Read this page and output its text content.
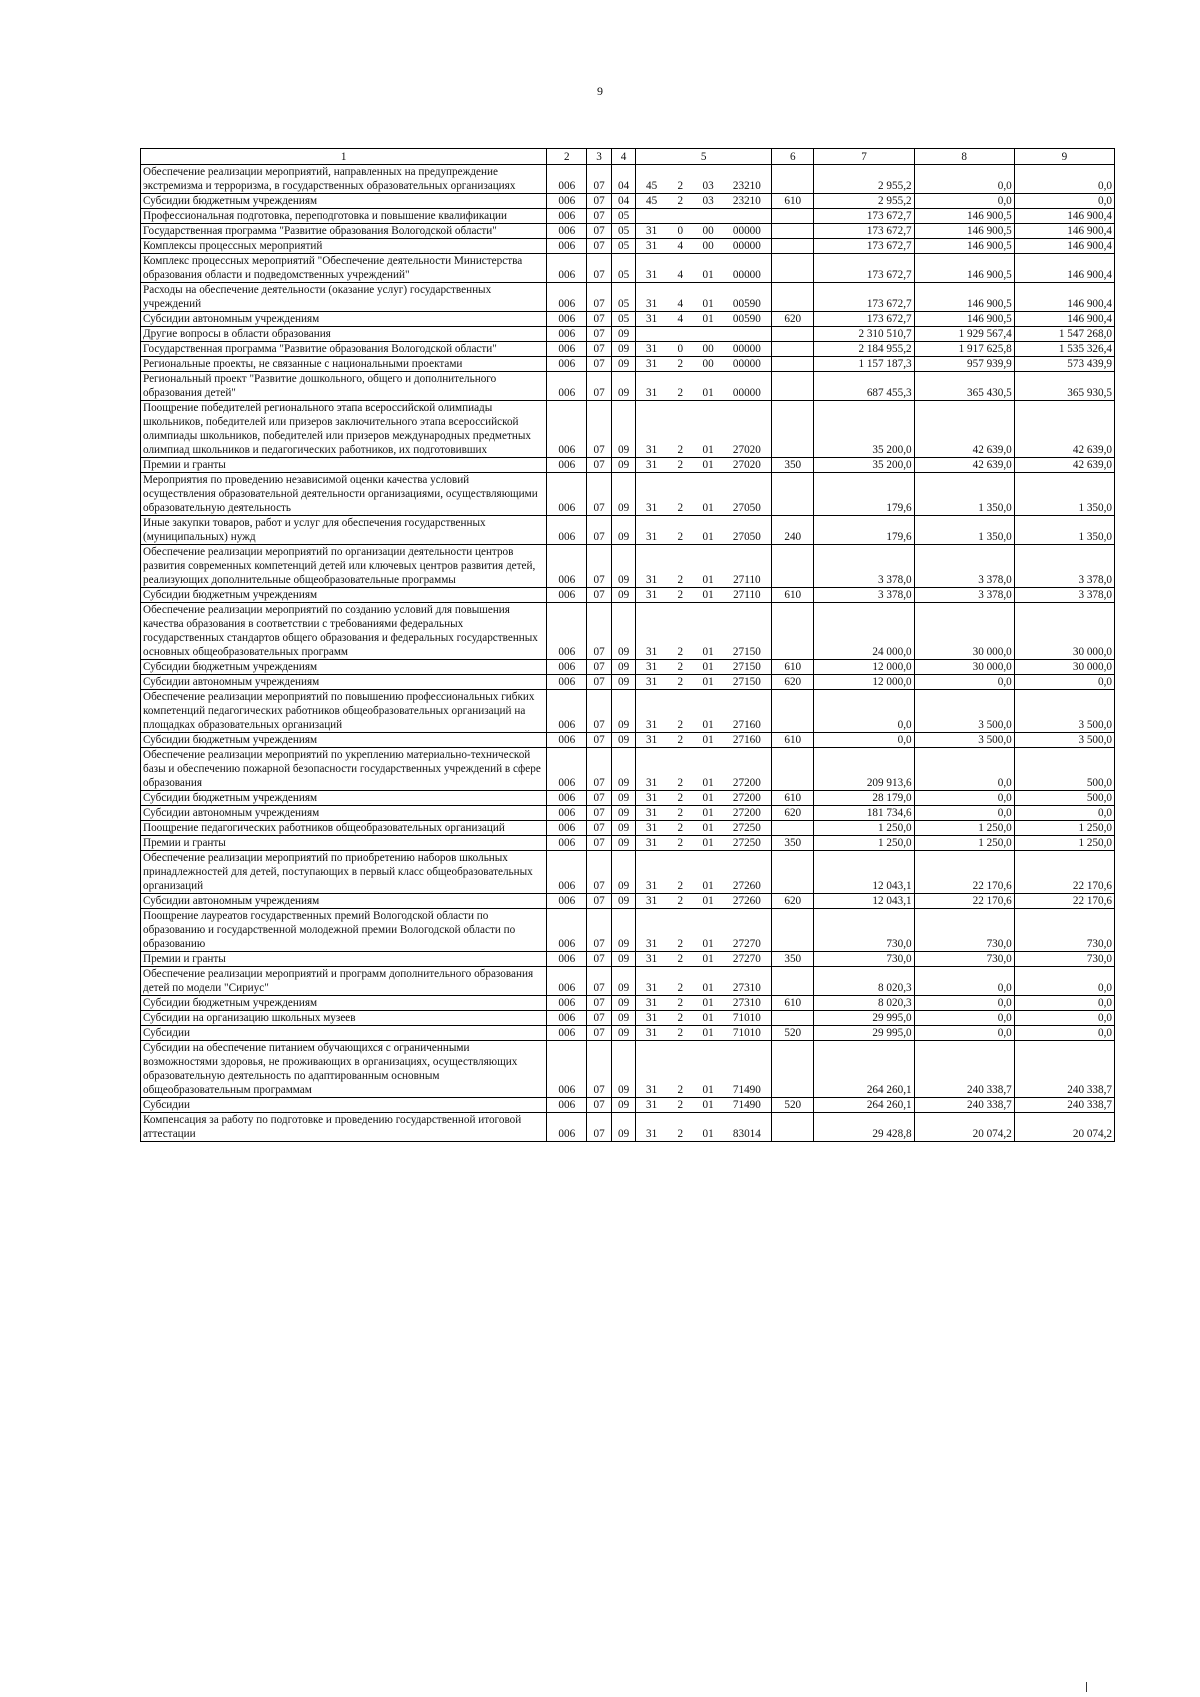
9
1	2	3	4	5				6	7	8	9
Обеспечение реализации мероприятий, направленных на предупреждение экстремизма и терроризма, в государственных образовательных организациях	006	07	04	45	2	03	23210		2 955,2	0,0	0,0
Субсидии бюджетным учреждениям	006	07	04	45	2	03	23210	610	2 955,2	0,0	0,0
Профессиональная подготовка, переподготовка и повышение квалификации	006	07	05						173 672,7	146 900,5	146 900,4
Государственная программа "Развитие образования Вологодской области"	006	07	05	31	0	00	00000		173 672,7	146 900,5	146 900,4
Комплексы процессных мероприятий	006	07	05	31	4	00	00000		173 672,7	146 900,5	146 900,4
Комплекс процессных мероприятий "Обеспечение деятельности Министерства образования области и подведомственных учреждений"	006	07	05	31	4	01	00000		173 672,7	146 900,5	146 900,4
Расходы на обеспечение деятельности (оказание услуг) государственных учреждений	006	07	05	31	4	01	00590		173 672,7	146 900,5	146 900,4
Субсидии автономным учреждениям	006	07	05	31	4	01	00590	620	173 672,7	146 900,5	146 900,4
Другие вопросы в области образования	006	07	09						2 310 510,7	1 929 567,4	1 547 268,0
Государственная программа "Развитие образования Вологодской области"	006	07	09	31	0	00	00000		2 184 955,2	1 917 625,8	1 535 326,4
Региональные проекты, не связанные с национальными проектами	006	07	09	31	2	00	00000		1 157 187,3	957 939,9	573 439,9
Региональный проект "Развитие дошкольного, общего и дополнительного образования детей"	006	07	09	31	2	01	00000		687 455,3	365 430,5	365 930,5
Поощрение победителей регионального этапа всероссийской олимпиады школьников, победителей или призеров заключительного этапа всероссийской олимпиады школьников, победителей или призеров международных предметных олимпиад школьников и педагогических работников, их подготовивших	006	07	09	31	2	01	27020		35 200,0	42 639,0	42 639,0
Премии и гранты	006	07	09	31	2	01	27020	350	35 200,0	42 639,0	42 639,0
Мероприятия по проведению независимой оценки качества условий осуществления образовательной деятельности организациями, осуществляющими образовательную деятельность	006	07	09	31	2	01	27050		179,6	1 350,0	1 350,0
Иные закупки товаров, работ и услуг для обеспечения государственных (муниципальных) нужд	006	07	09	31	2	01	27050	240	179,6	1 350,0	1 350,0
Обеспечение реализации мероприятий по организации деятельности центров развития современных компетенций детей или ключевых центров развития детей, реализующих дополнительные общеобразовательные программы	006	07	09	31	2	01	27110		3 378,0	3 378,0	3 378,0
Субсидии бюджетным учреждениям	006	07	09	31	2	01	27110	610	3 378,0	3 378,0	3 378,0
Обеспечение реализации мероприятий по созданию условий для повышения качества образования в соответствии с требованиями федеральных государственных стандартов общего образования и федеральных государственных основных общеобразовательных программ	006	07	09	31	2	01	27150		24 000,0	30 000,0	30 000,0
Субсидии бюджетным учреждениям	006	07	09	31	2	01	27150	610	12 000,0	30 000,0	30 000,0
Субсидии автономным учреждениям	006	07	09	31	2	01	27150	620	12 000,0	0,0	0,0
Обеспечение реализации мероприятий по повышению профессиональных гибких компетенций педагогических работников общеобразовательных организаций на площадках образовательных организаций	006	07	09	31	2	01	27160		0,0	3 500,0	3 500,0
Субсидии бюджетным учреждениям	006	07	09	31	2	01	27160	610	0,0	3 500,0	3 500,0
Обеспечение реализации мероприятий по укреплению материально-технической базы и обеспечению пожарной безопасности государственных учреждений в сфере образования	006	07	09	31	2	01	27200		209 913,6	0,0	500,0
Субсидии бюджетным учреждениям	006	07	09	31	2	01	27200	610	28 179,0	0,0	500,0
Субсидии автономным учреждениям	006	07	09	31	2	01	27200	620	181 734,6	0,0	0,0
Поощрение педагогических работников общеобразовательных организаций	006	07	09	31	2	01	27250		1 250,0	1 250,0	1 250,0
Премии и гранты	006	07	09	31	2	01	27250	350	1 250,0	1 250,0	1 250,0
Обеспечение реализации мероприятий по приобретению наборов школьных принадлежностей для детей, поступающих в первый класс общеобразовательных организаций	006	07	09	31	2	01	27260		12 043,1	22 170,6	22 170,6
Субсидии автономным учреждениям	006	07	09	31	2	01	27260	620	12 043,1	22 170,6	22 170,6
Поощрение лауреатов государственных премий Вологодской области по образованию и государственной молодежной премии Вологодской области по образованию	006	07	09	31	2	01	27270		730,0	730,0	730,0
Премии и гранты	006	07	09	31	2	01	27270	350	730,0	730,0	730,0
Обеспечение реализации мероприятий и программ дополнительного образования детей по модели "Сириус"	006	07	09	31	2	01	27310		8 020,3	0,0	0,0
Субсидии бюджетным учреждениям	006	07	09	31	2	01	27310	610	8 020,3	0,0	0,0
Субсидии на организацию школьных музеев	006	07	09	31	2	01	71010		29 995,0	0,0	0,0
Субсидии	006	07	09	31	2	01	71010	520	29 995,0	0,0	0,0
Субсидии на обеспечение питанием обучающихся с ограниченными возможностями здоровья, не проживающих в организациях, осуществляющих образовательную деятельность по адаптированным основным общеобразовательным программам	006	07	09	31	2	01	71490		264 260,1	240 338,7	240 338,7
Субсидии	006	07	09	31	2	01	71490	520	264 260,1	240 338,7	240 338,7
Компенсация за работу по подготовке и проведению государственной итоговой аттестации	006	07	09	31	2	01	83014		29 428,8	20 074,2	20 074,2
